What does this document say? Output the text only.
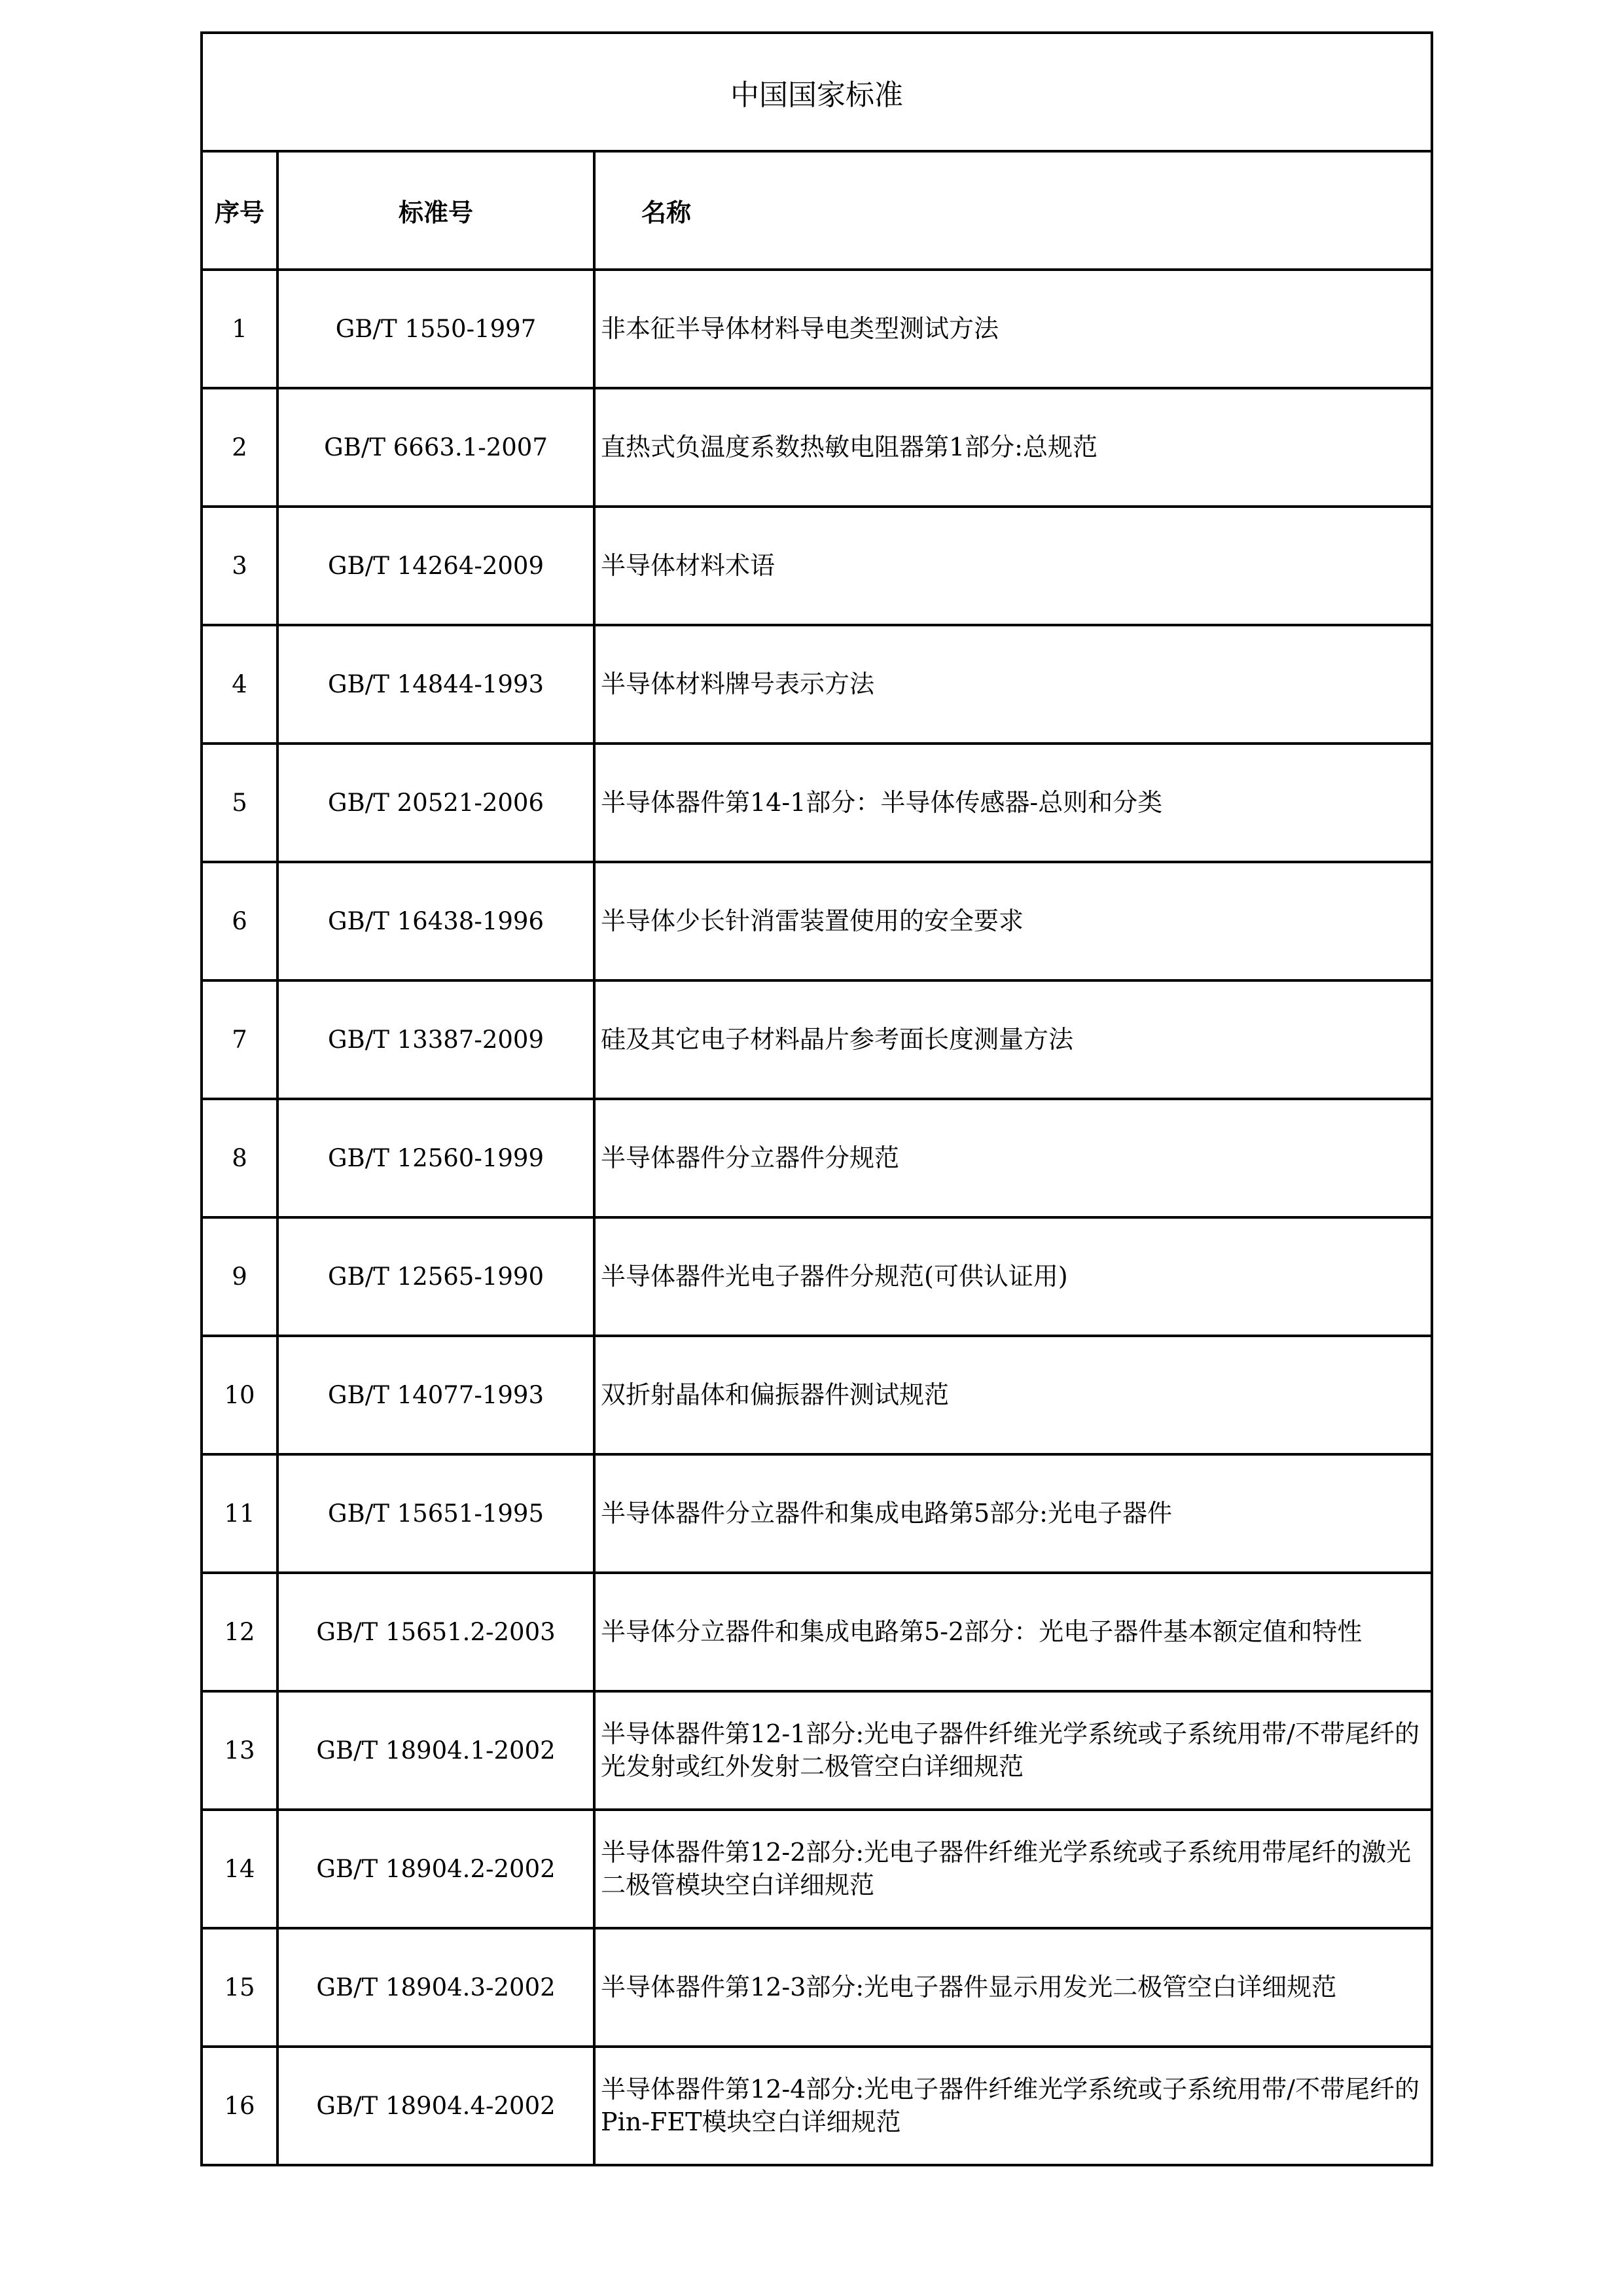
中国国家标准		
序号	标准号	名称
1	GB/T 1550-1997	非本征半导体材料导电类型测试方法
2	GB/T 6663.1-2007	直热式负温度系数热敏电阻器第1部分:总规范
3	GB/T 14264-2009	半导体材料术语
4	GB/T 14844-1993	半导体材料牌号表示方法
5	GB/T 20521-2006	半导体器件第14-1部分：半导体传感器-总则和分类
6	GB/T 16438-1996	半导体少长针消雷装置使用的安全要求
7	GB/T 13387-2009	硅及其它电子材料晶片参考面长度测量方法
8	GB/T 12560-1999	半导体器件分立器件分规范
9	GB/T 12565-1990	半导体器件光电子器件分规范(可供认证用)
10	GB/T 14077-1993	双折射晶体和偏振器件测试规范
11	GB/T 15651-1995	半导体器件分立器件和集成电路第5部分:光电子器件
12	GB/T 15651.2-2003	半导体分立器件和集成电路第5-2部分：光电子器件基本额定值和特性
13	GB/T 18904.1-2002	半导体器件第12-1部分:光电子器件纤维光学系统或子系统用带/不带尾纤的光发射或红外发射二极管空白详细规范
14	GB/T 18904.2-2002	半导体器件第12-2部分:光电子器件纤维光学系统或子系统用带尾纤的激光二极管模块空白详细规范
15	GB/T 18904.3-2002	半导体器件第12-3部分:光电子器件显示用发光二极管空白详细规范
16	GB/T 18904.4-2002	半导体器件第12-4部分:光电子器件纤维光学系统或子系统用带/不带尾纤的Pin-FET模块空白详细规范
